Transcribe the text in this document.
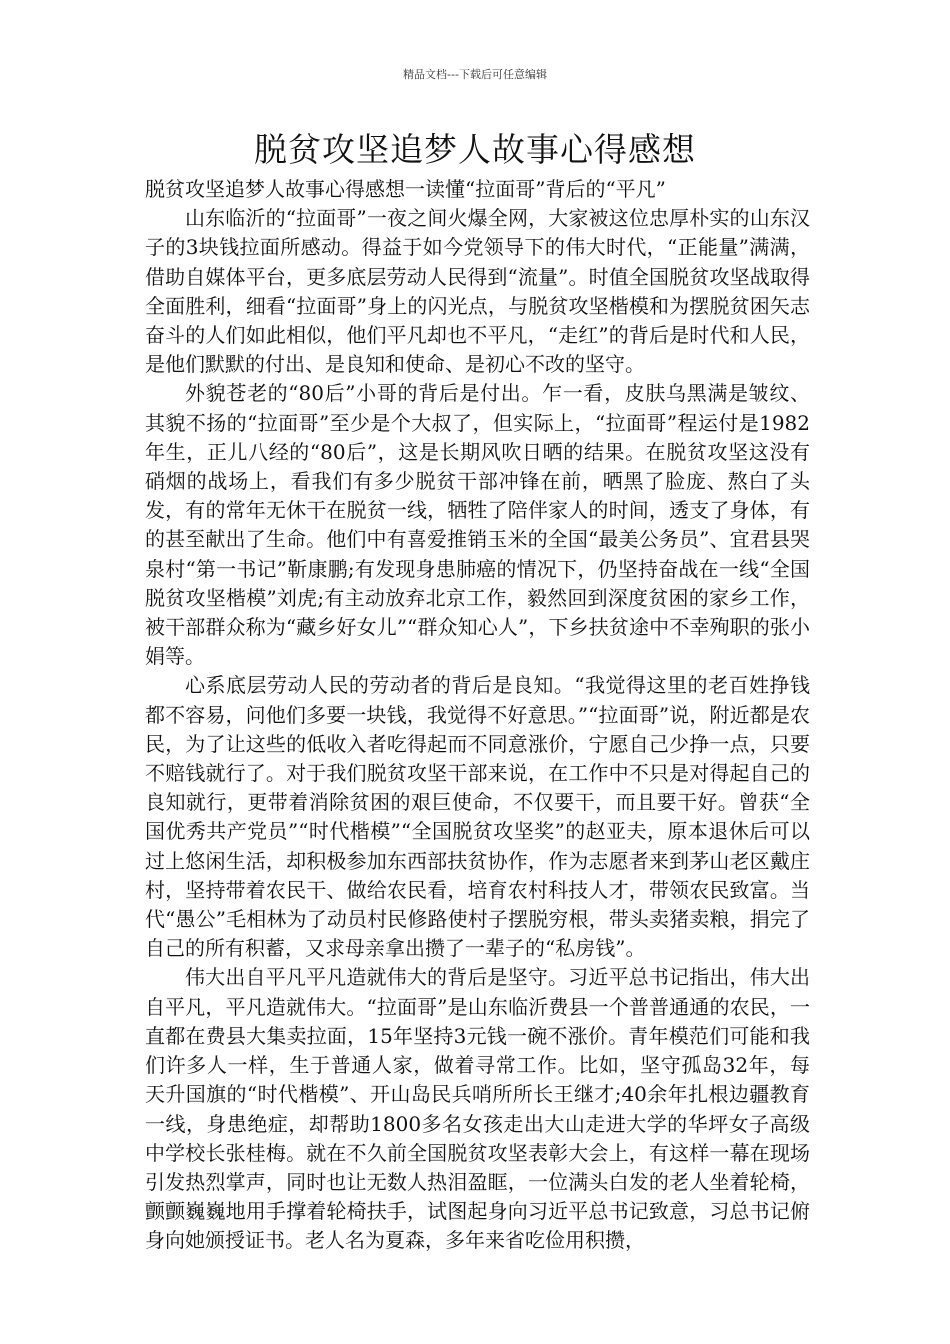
精品文档---下载后可任意编辑
脱贫攻坚追梦人故事心得感想

脱贫攻坚追梦人故事心得感想一读懂“拉面哥”背后的“平凡”

山东临沂的“拉面哥”一夜之间火爆全网，大家被这位忠厚朴实的山东汉子的3块钱拉面所感动。得益于如今党领导下的伟大时代，“正能量”满满，借助自媒体平台，更多底层劳动人民得到“流量”。时值全国脱贫攻坚战取得全面胜利，细看“拉面哥”身上的闪光点，与脱贫攻坚楷模和为摆脱贫困矢志奋斗的人们如此相似，他们平凡却也不平凡，“走红”的背后是时代和人民，是他们默默的付出、是良知和使命、是初心不改的坚守。

外貌苍老的“80后”小哥的背后是付出。乍一看，皮肤乌黑满是皱纹、其貌不扬的“拉面哥”至少是个大叔了，但实际上，“拉面哥”程运付是1982年生，正儿八经的“80后”，这是长期风吹日晒的结果。在脱贫攻坚这没有硝烟的战场上，看我们有多少脱贫干部冲锋在前，晒黑了脸庞、熬白了头发，有的常年无休干在脱贫一线，牺牲了陪伴家人的时间，透支了身体，有的甚至献出了生命。他们中有喜爱推销玉米的全国“最美公务员”、宜君县哭泉村“第一书记”靳康鹏;有发现身患肺癌的情况下，仍坚持奋战在一线“全国脱贫攻坚楷模”刘虎;有主动放弃北京工作，毅然回到深度贫困的家乡工作，被干部群众称为“藏乡好女儿”“群众知心人”，下乡扶贫途中不幸殉职的张小娟等。

心系底层劳动人民的劳动者的背后是良知。“我觉得这里的老百姓挣钱都不容易，问他们多要一块钱，我觉得不好意思。”“拉面哥”说，附近都是农民，为了让这些的低收入者吃得起而不同意涨价，宁愿自己少挣一点，只要不赔钱就行了。对于我们脱贫攻坚干部来说，在工作中不只是对得起自己的良知就行，更带着消除贫困的艰巨使命，不仅要干，而且要干好。曾获“全国优秀共产党员”“时代楷模”“全国脱贫攻坚奖”的赵亚夫，原本退休后可以过上悠闲生活，却积极参加东西部扶贫协作，作为志愿者来到茅山老区戴庄村，坚持带着农民干、做给农民看，培育农村科技人才，带领农民致富。当代“愚公”毛相林为了动员村民修路使村子摆脱穷根，带头卖猪卖粮，捐完了自己的所有积蓄，又求母亲拿出攒了一辈子的“私房钱”。

伟大出自平凡平凡造就伟大的背后是坚守。习近平总书记指出，伟大出自平凡，平凡造就伟大。“拉面哥”是山东临沂费县一个普普通通的农民，一直都在费县大集卖拉面，15年坚持3元钱一碗不涨价。青年模范们可能和我们许多人一样，生于普通人家，做着寻常工作。比如，坚守孤岛32年，每天升国旗的“时代楷模”、开山岛民兵哨所所长王继才;40余年扎根边疆教育一线，身患绝症，却帮助1800多名女孩走出大山走进大学的华坪女子高级中学校长张桂梅。就在不久前全国脱贫攻坚表彰大会上，有这样一幕在现场引发热烈掌声，同时也让无数人热泪盈眶，一位满头白发的老人坐着轮椅，颤颤巍巍地用手撑着轮椅扶手，试图起身向习近平总书记致意，习总书记俯身向她颁授证书。老人名为夏森，多年来省吃俭用积攒，
